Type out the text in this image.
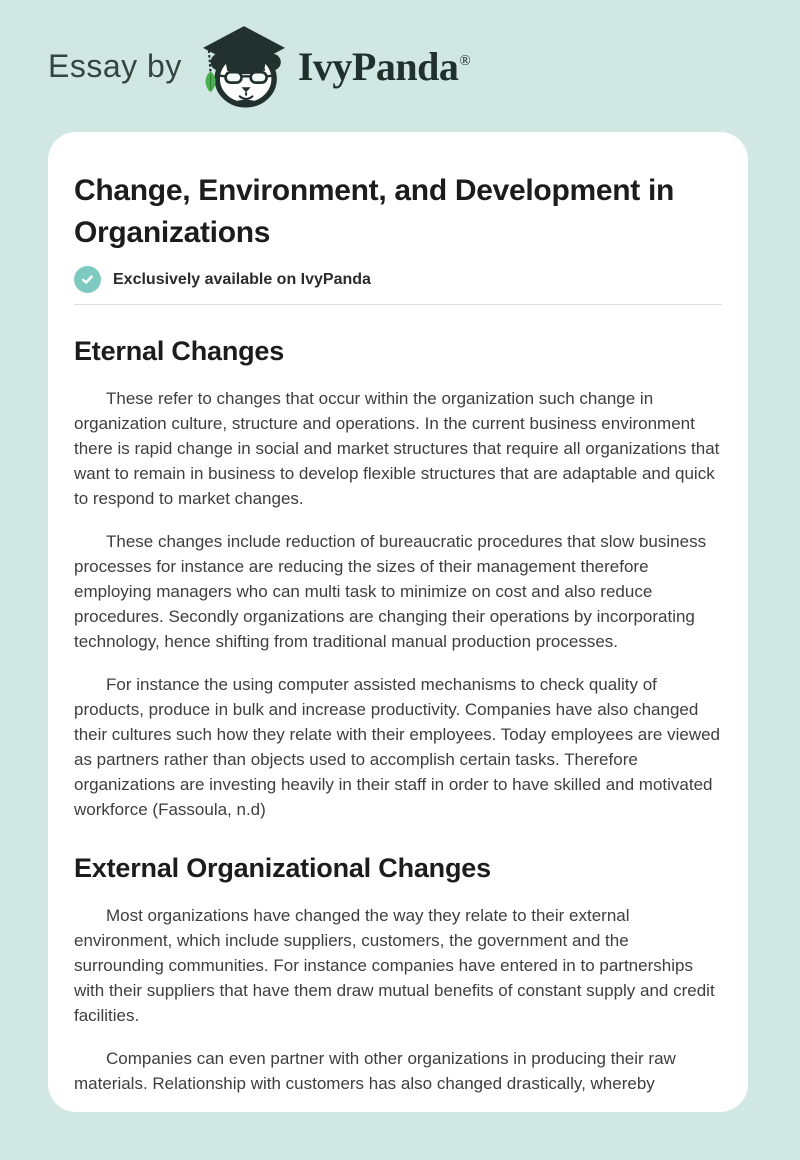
Essay by	IvyPanda®
Change, Environment, and Development in Organizations
Exclusively available on IvyPanda
Eternal Changes

These refer to changes that occur within the organization such change in organization culture, structure and operations. In the current business environment there is rapid change in social and market structures that require all organizations that want to remain in business to develop flexible structures that are adaptable and quick to respond to market changes.

These changes include reduction of bureaucratic procedures that slow business processes for instance are reducing the sizes of their management therefore employing managers who can multi task to minimize on cost and also reduce procedures. Secondly organizations are changing their operations by incorporating technology, hence shifting from traditional manual production processes.

For instance the using computer assisted mechanisms to check quality of products, produce in bulk and increase productivity. Companies have also changed their cultures such how they relate with their employees. Today employees are viewed as partners rather than objects used to accomplish certain tasks. Therefore organizations are investing heavily in their staff in order to have skilled and motivated workforce (Fassoula, n.d)

External Organizational Changes

Most organizations have changed the way they relate to their external environment, which include suppliers, customers, the government and the surrounding communities. For instance companies have entered in to partnerships with their suppliers that have them draw mutual benefits of constant supply and credit facilities.

Companies can even partner with other organizations in producing their raw materials. Relationship with customers has also changed drastically, whereby
